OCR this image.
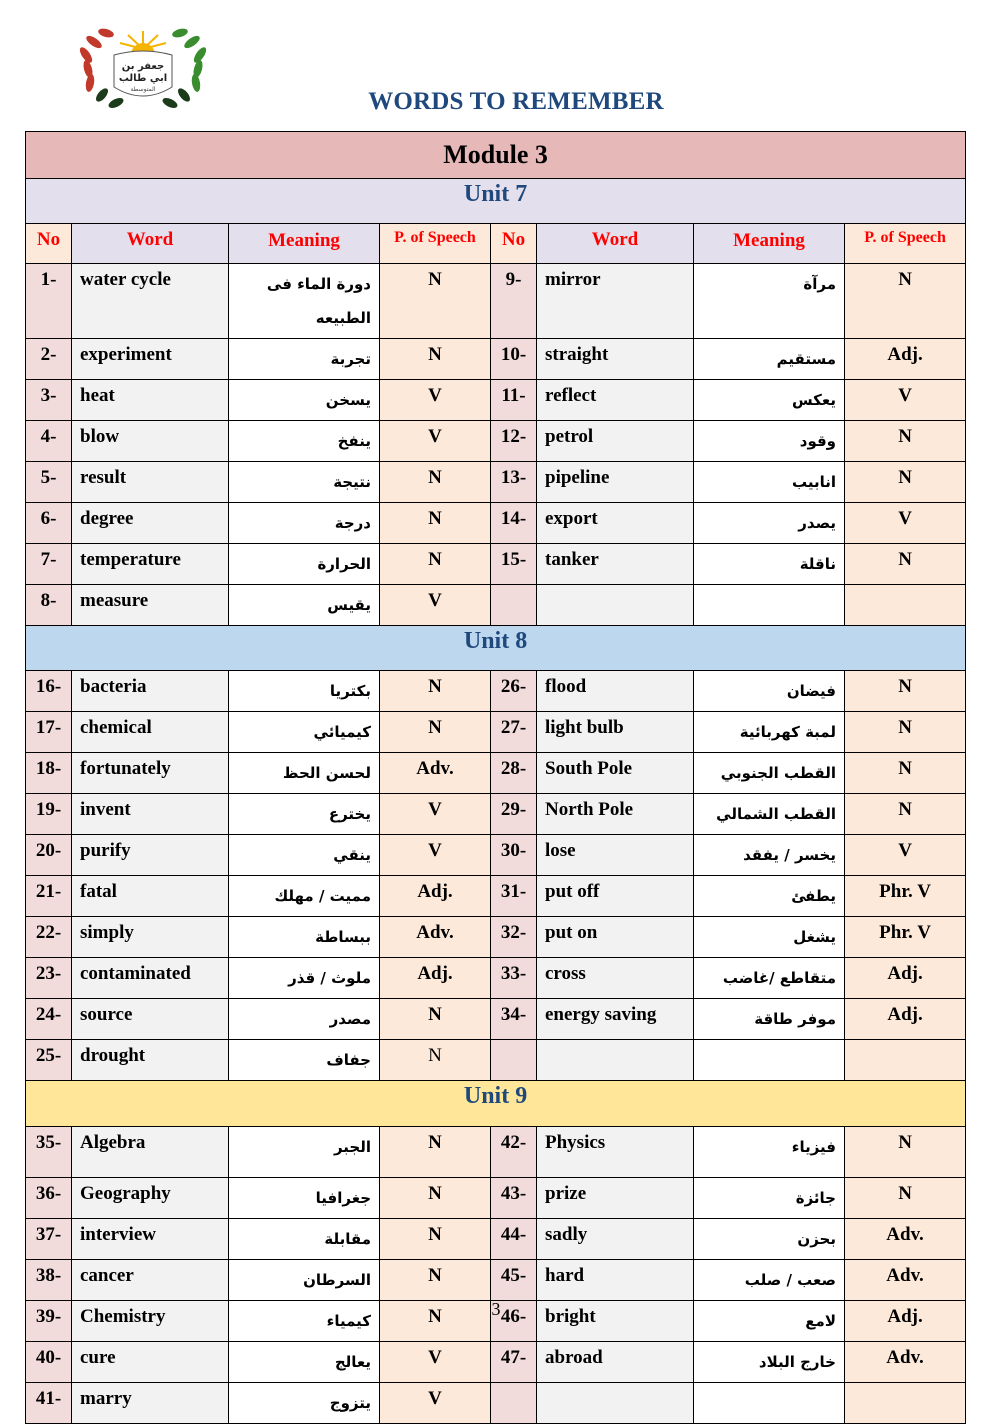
جعفر بن
ابي طالب
المتوسطة	WORDS TO REMEMBER
Module 3							
Unit 7							
No	Word	Meaning	P. of Speech	No	Word	Meaning	P. of Speech
1-	water cycle	دورة الماء فى الطبيعه	N	9-	mirror	مرآة	N
2-	experiment	تجربة	N	10-	straight	مستقيم	Adj.
3-	heat	يسخن	V	11-	reflect	يعكس	V
4-	blow	ينفخ	V	12-	petrol	وقود	N
5-	result	نتيجة	N	13-	pipeline	انابيب	N
6-	degree	درجة	N	14-	export	يصدر	V
7-	temperature	الحرارة	N	15-	tanker	ناقلة	N
8-	measure	يقيس	V				
Unit 8							
16-	bacteria	بكتريا	N	26-	flood	فيضان	N
17-	chemical	كيميائي	N	27-	light bulb	لمبة كهربائية	N
18-	fortunately	لحسن الحظ	Adv.	28-	South Pole	القطب الجنوبي	N
19-	invent	يخترع	V	29-	North Pole	القطب الشمالي	N
20-	purify	ينقي	V	30-	lose	يخسر / يفقد	V
21-	fatal	مميت / مهلك	Adj.	31-	put off	يطفئ	Phr. V
22-	simply	ببساطة	Adv.	32-	put on	يشغل	Phr. V
23-	contaminated	ملوث / قذر	Adj.	33-	cross	متقاطع /غاضب	Adj.
24-	source	مصدر	N	34-	energy saving	موفر طاقة	Adj.
25-	drought	جفاف	N				
Unit 9							
35-	Algebra	الجبر	N	42-	Physics	فيزياء	N
36-	Geography	جغرافيا	N	43-	prize	جائزة	N
37-	interview	مقابلة	N	44-	sadly	بحزن	Adv.
38-	cancer	السرطان	N	45-	hard	صعب / صلب	Adv.
39-	Chemistry	كيمياء	N	46-	bright	لامع	Adj.
40-	cure	يعالج	V	47-	abroad	خارج البلاد	Adv.
41-	marry	يتزوج	V				
3
